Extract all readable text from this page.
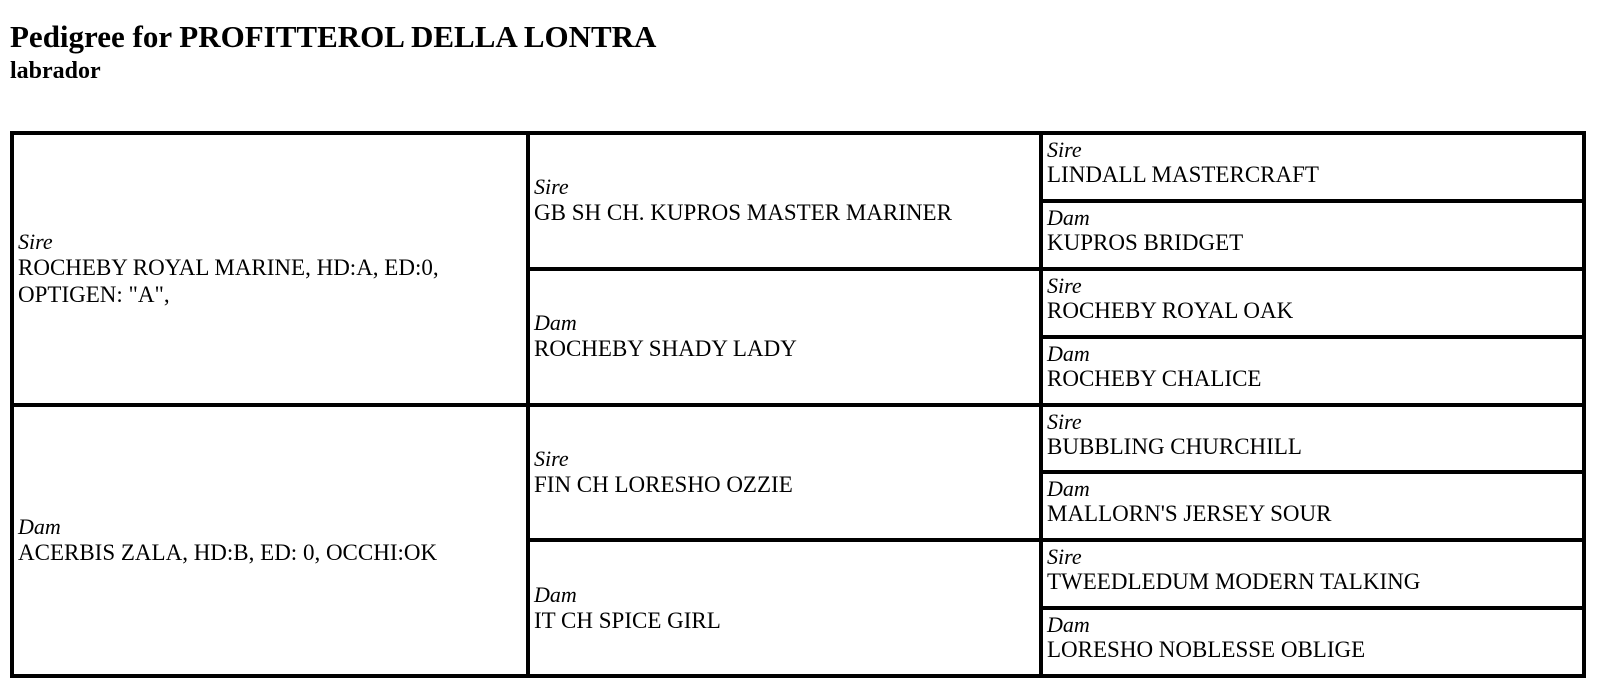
Pedigree for PROFITTEROL DELLA LONTRA
labrador
Sire
ROCHEBY ROYAL MARINE, HD:A, ED:0,
OPTIGEN: "A",	Sire
GB SH CH. KUPROS MASTER MARINER	Sire
LINDALL MASTERCRAFT

		Dam
KUPROS BRIDGET

	Dam
ROCHEBY SHADY LADY	Sire
ROCHEBY ROYAL OAK

		Dam
ROCHEBY CHALICE

Dam
ACERBIS ZALA, HD:B, ED: 0, OCCHI:OK	Sire
FIN CH LORESHO OZZIE	Sire
BUBBLING CHURCHILL

		Dam
MALLORN'S JERSEY SOUR

	Dam
IT CH SPICE GIRL	Sire
TWEEDLEDUM MODERN TALKING

		Dam
LORESHO NOBLESSE OBLIGE
